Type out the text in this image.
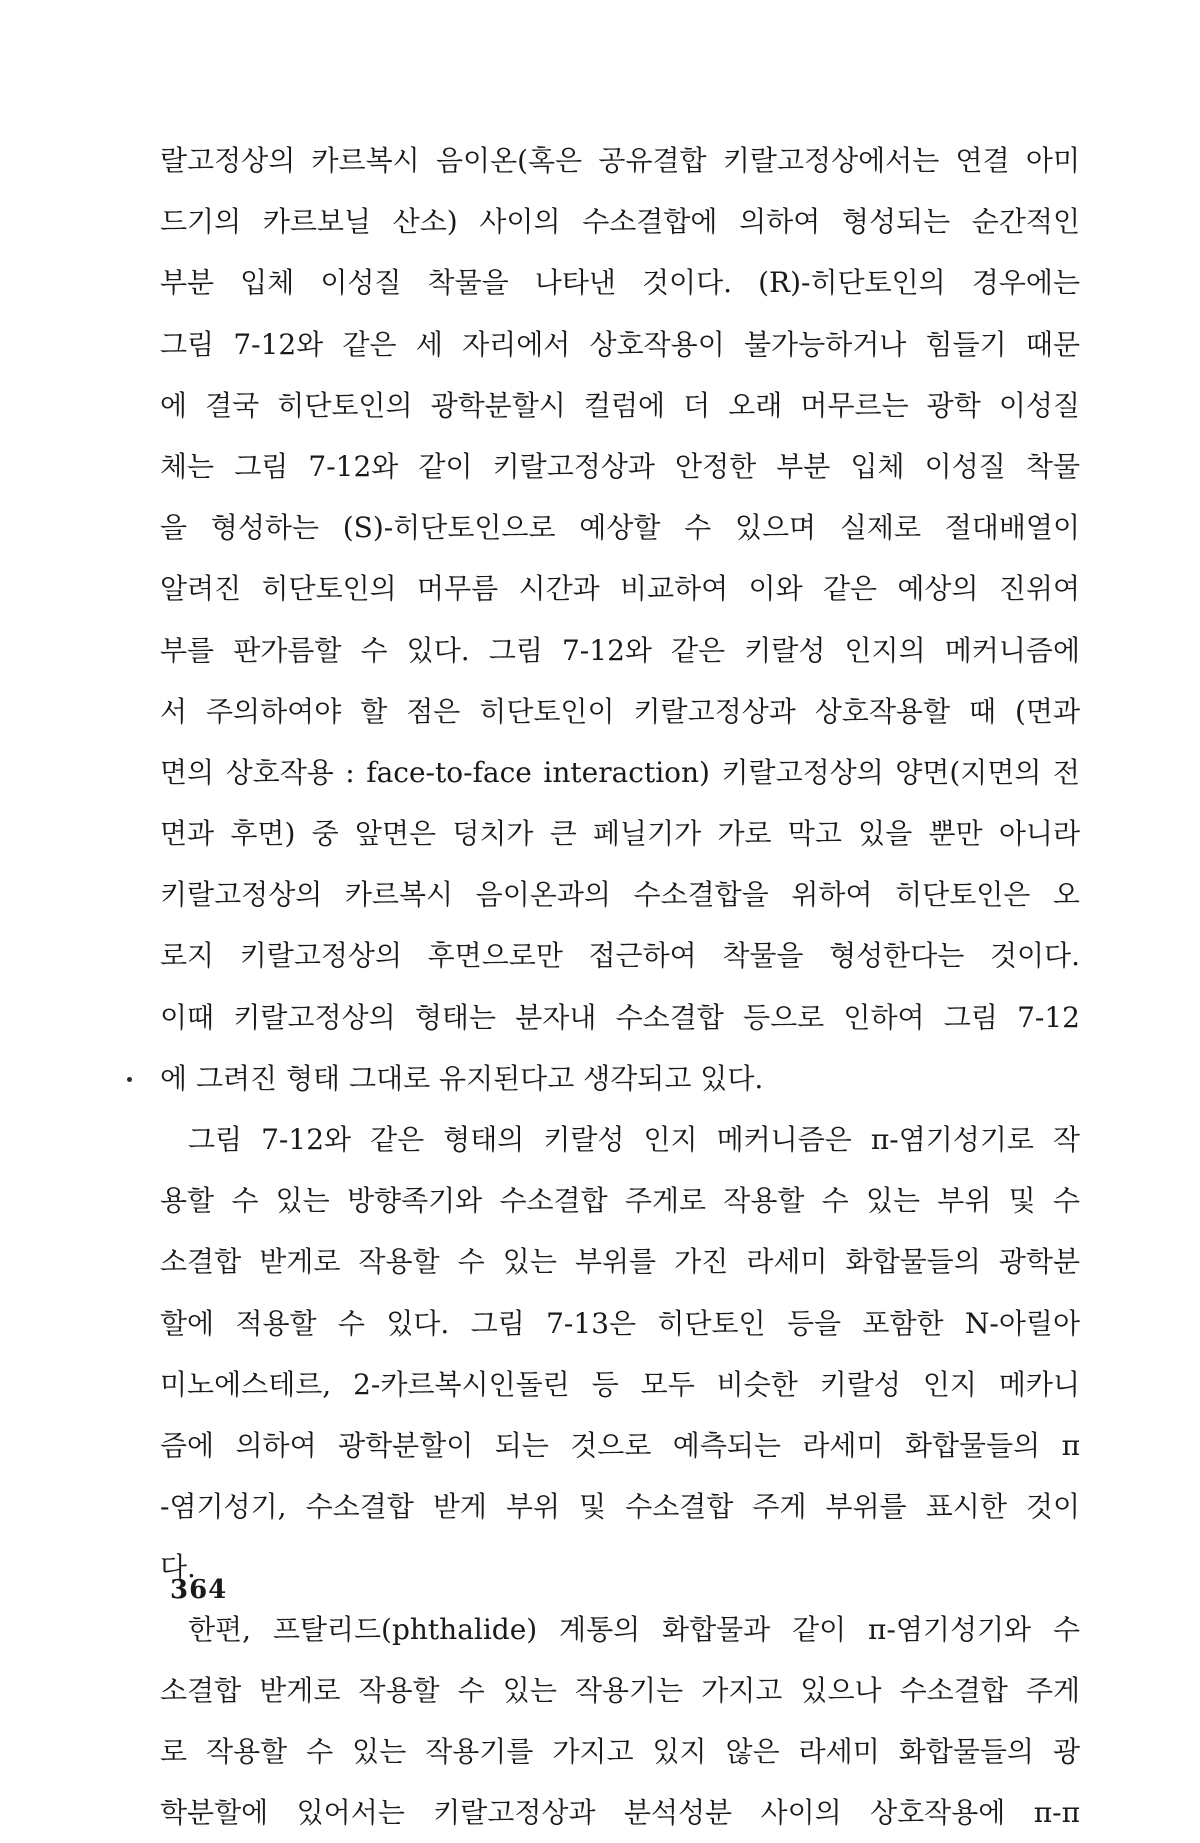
랄고정상의 카르복시 음이온(혹은 공유결합 키랄고정상에서는 연결 아미
드기의 카르보닐 산소) 사이의 수소결합에 의하여 형성되는 순간적인
부분 입체 이성질 착물을 나타낸 것이다. (R)-히단토인의 경우에는
그림 7-12와 같은 세 자리에서 상호작용이 불가능하거나 힘들기 때문
에 결국 히단토인의 광학분할시 컬럼에 더 오래 머무르는 광학 이성질
체는 그림 7-12와 같이 키랄고정상과 안정한 부분 입체 이성질 착물
을 형성하는 (S)-히단토인으로 예상할 수 있으며 실제로 절대배열이
알려진 히단토인의 머무름 시간과 비교하여 이와 같은 예상의 진위여
부를 판가름할 수 있다. 그림 7-12와 같은 키랄성 인지의 메커니즘에
서 주의하여야 할 점은 히단토인이 키랄고정상과 상호작용할 때 (면과
면의 상호작용 : face-to-face interaction) 키랄고정상의 양면(지면의 전
면과 후면) 중 앞면은 덩치가 큰 페닐기가 가로 막고 있을 뿐만 아니라
키랄고정상의 카르복시 음이온과의 수소결합을 위하여 히단토인은 오
로지 키랄고정상의 후면으로만 접근하여 착물을 형성한다는 것이다.
이때 키랄고정상의 형태는 분자내 수소결합 등으로 인하여 그림 7-12
에 그려진 형태 그대로 유지된다고 생각되고 있다.
그림 7-12와 같은 형태의 키랄성 인지 메커니즘은 π-염기성기로 작
용할 수 있는 방향족기와 수소결합 주게로 작용할 수 있는 부위 및 수
소결합 받게로 작용할 수 있는 부위를 가진 라세미 화합물들의 광학분
할에 적용할 수 있다. 그림 7-13은 히단토인 등을 포함한 N-아릴아
미노에스테르, 2-카르복시인돌린 등 모두 비슷한 키랄성 인지 메카니
즘에 의하여 광학분할이 되는 것으로 예측되는 라세미 화합물들의 π
-염기성기, 수소결합 받게 부위 및 수소결합 주게 부위를 표시한 것이
다.
한편, 프탈리드(phthalide) 계통의 화합물과 같이 π-염기성기와 수
소결합 받게로 작용할 수 있는 작용기는 가지고 있으나 수소결합 주게
로 작용할 수 있는 작용기를 가지고 있지 않은 라세미 화합물들의 광
학분할에 있어서는 키랄고정상과 분석성분 사이의 상호작용에 π-π
364
